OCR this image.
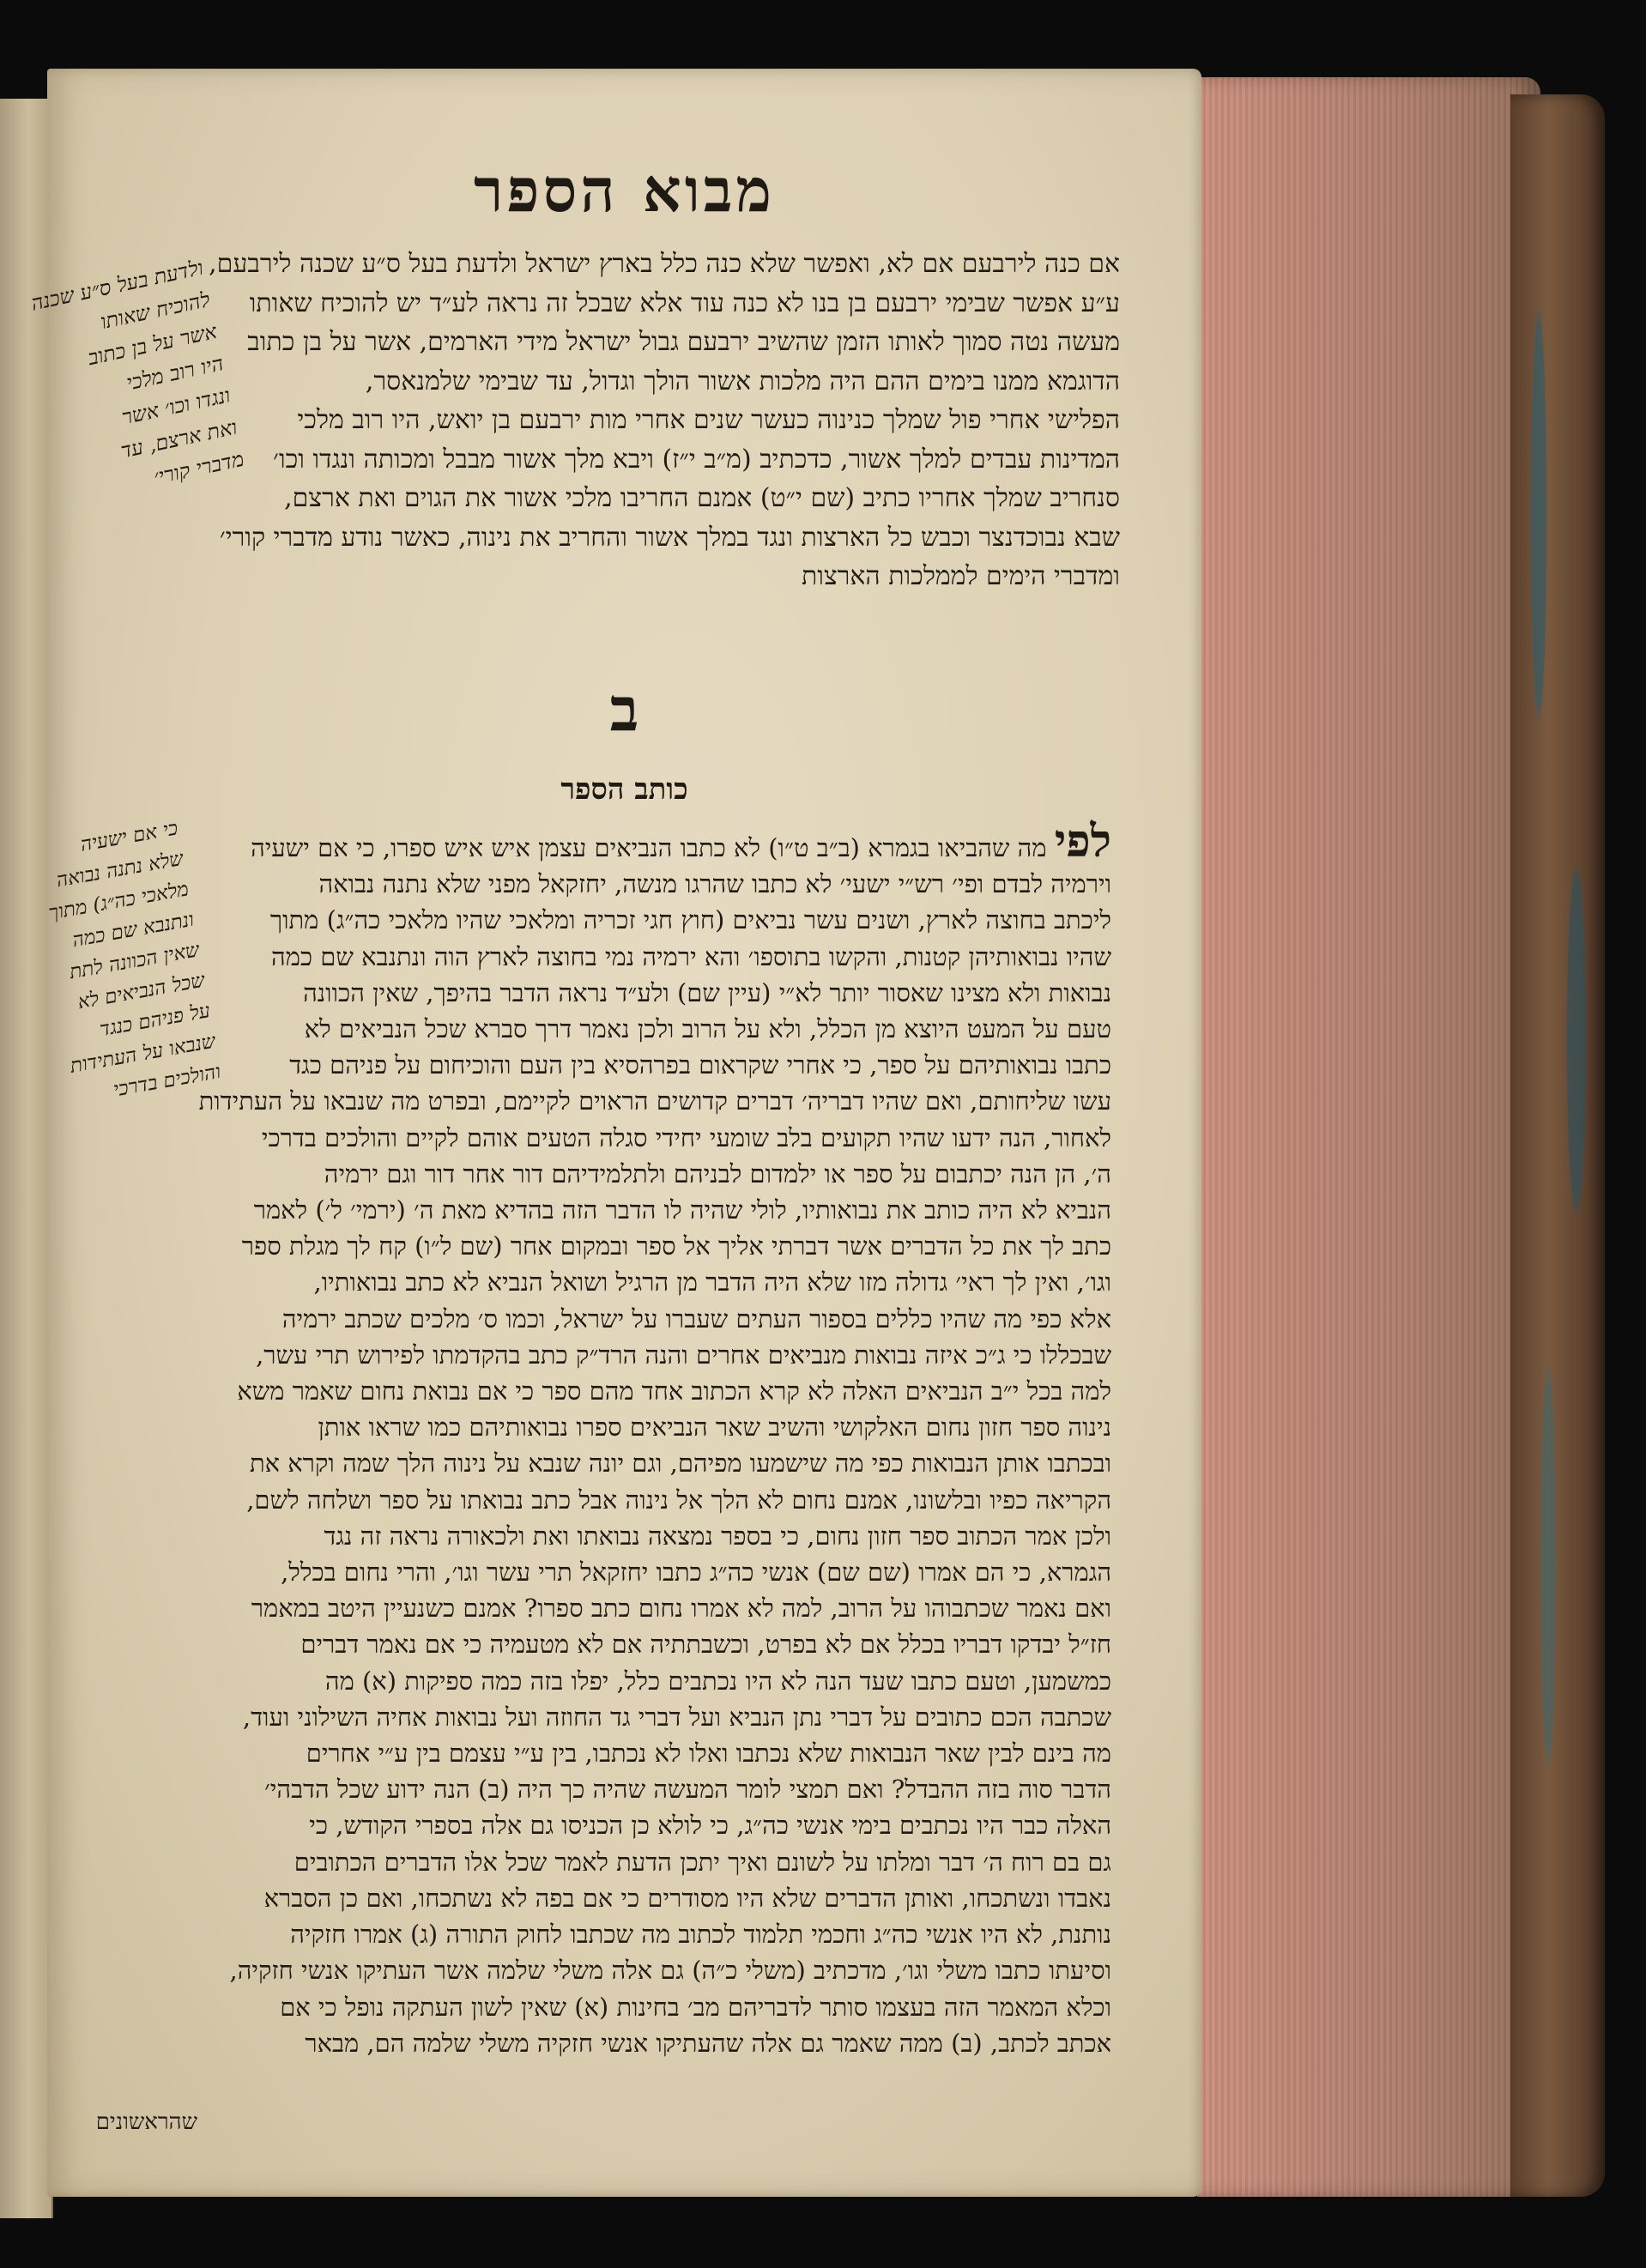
מבוא הספר

אם כנה לירבעם אם לא, ואפשר שלא כנה כלל בארץ ישראל ולדעת בעל ס״ע שכנה לירבעם,
ע״ע אפשר שבימי ירבעם בן בנו לא כנה עוד אלא שבכל זה נראה לע״ד יש להוכיח שאותו
מעשה נטה סמוך לאותו הזמן שהשיב ירבעם גבול ישראל מידי הארמים, אשר על בן כתוב
הדוגמא ממנו בימים ההם היה מלכות אשור הולך וגדול, עד שבימי שלמנאסר,
הפלישי אחרי פול שמלך כנינוה כעשר שנים אחרי מות ירבעם בן יואש, היו רוב מלכי
המדינות עבדים למלך אשור, כדכתיב (מ״ב י״ז) ויבא מלך אשור מבבל ומכותה ונגדו וכו׳
סנחריב שמלך אחריו כתיב (שם י״ט) אמנם החריבו מלכי אשור את הגוים ואת ארצם,
שבא נבוכדנצר וכבש כל הארצות ונגד במלך אשור והחריב את נינוה, כאשר נודע מדברי קורי׳
ומדברי הימים לממלכות הארצות

ב
כותב הספר

לפי מה שהביאו בגמרא (ב״ב ט״ו) לא כתבו הנביאים עצמן איש איש ספרו, כי אם ישעיה
וירמיה לבדם ופי׳ רש״י ישעי׳ לא כתבו שהרגו מנשה, יחזקאל מפני שלא נתנה נבואה
ליכתב בחוצה לארץ, ושנים עשר נביאים (חוץ חגי זכריה ומלאכי שהיו מלאכי כה״ג) מתוך
שהיו נבואותיהן קטנות, והקשו בתוספו׳ והא ירמיה נמי בחוצה לארץ הוה ונתנבא שם כמה
נבואות ולא מצינו שאסור יותר לא״י (עיין שם) ולע״ד נראה הדבר בהיפך, שאין הכוונה
טעם על המעט היוצא מן הכלל, ולא על הרוב ולכן נאמר דרך סברא שכל הנביאים לא
כתבו נבואותיהם על ספר, כי אחרי שקראום בפרהסיא בין העם והוכיחום על פניהם כגד
עשו שליחותם, ואם שהיו דבריה׳ דברים קדושים הראוים לקיימם, ובפרט מה שנבאו על העתידות
לאחור, הנה ידעו שהיו תקועים בלב שומעי יחידי סגלה הטעים אוהם לקיים והולכים בדרכי
ה׳, הן הנה יכתבום על ספר או ילמדום לבניהם ולתלמידיהם דור אחר דור וגם ירמיה
הנביא לא היה כותב את נבואותיו, לולי שהיה לו הדבר הזה בהדיא מאת ה׳ (ירמי׳ ל׳) לאמר
כתב לך את כל הדברים אשר דברתי אליך אל ספר ובמקום אחר (שם ל״ו) קח לך מגלת ספר
וגו׳, ואין לך ראי׳ גדולה מזו שלא היה הדבר מן הרגיל ושואל הנביא לא כתב נבואותיו,
אלא כפי מה שהיו כללים בספור העתים שעברו על ישראל, וכמו ס׳ מלכים שכתב ירמיה
שבכללו כי ג״כ איזה נבואות מנביאים אחרים והנה הרד״ק כתב בהקדמתו לפירוש תרי עשר,
למה בכל י״ב הנביאים האלה לא קרא הכתוב אחד מהם ספר כי אם נבואת נחום שאמר משא
נינוה ספר חזון נחום האלקושי והשיב שאר הנביאים ספרו נבואותיהם כמו שראו אותן
ובכתבו אותן הנבואות כפי מה שישמעו מפיהם, וגם יונה שנבא על נינוה הלך שמה וקרא את
הקריאה כפיו ובלשונו, אמנם נחום לא הלך אל נינוה אבל כתב נבואתו על ספר ושלחה לשם,
ולכן אמר הכתוב ספר חזון נחום, כי בספר נמצאה נבואתו ואת ולכאורה נראה זה נגד
הגמרא, כי הם אמרו (שם שם) אנשי כה״ג כתבו יחזקאל תרי עשר וגו׳, והרי נחום בכלל,
ואם נאמר שכתבוהו על הרוב, למה לא אמרו נחום כתב ספרו? אמנם כשנעיין היטב במאמר
חז״ל יבדקו דבריו בכלל אם לא בפרט, וכשבתתיה אם לא מטעמיה כי אם נאמר דברים
כמשמען, וטעם כתבו שעד הנה לא היו נכתבים כלל, יפלו בזה כמה ספיקות (א) מה
שכתבה הכם כתובים על דברי נתן הנביא ועל דברי גד החוזה ועל נבואות אחיה השילוני ועוד,
מה בינם לבין שאר הנבואות שלא נכתבו ואלו לא נכתבו, בין ע״י עצמם בין ע״י אחרים
הדבר סוה בזה ההבדל? ואם תמצי לומר המעשה שהיה כך היה (ב) הנה ידוע שכל הדבהי׳
האלה כבר היו נכתבים בימי אנשי כה״ג, כי לולא כן הכניסו גם אלה בספרי הקודש, כי
גם בם רוח ה׳ דבר ומלתו על לשונם ואיך יתכן הדעת לאמר שכל אלו הדברים הכתובים
נאבדו ונשתכחו, ואותן הדברים שלא היו מסודרים כי אם בפה לא נשתכחו, ואם כן הסברא
נותנת, לא היו אנשי כה״ג וחכמי תלמוד לכתוב מה שכתבו לחוק התורה (ג) אמרו חזקיה
וסיעתו כתבו משלי וגו׳, מדכתיב (משלי כ״ה) גם אלה משלי שלמה אשר העתיקו אנשי חזקיה,
וכלא המאמר הזה בעצמו סותר לדבריהם מב׳ בחינות (א) שאין לשון העתקה נופל כי אם
אכתב לכתב, (ב) ממה שאמר גם אלה שהעתיקו אנשי חזקיה משלי שלמה הם, מבאר

שהראשונים

ולדעת בעל ס״ע שכנה
להוכיח שאותו
אשר על בן כתוב
היו רוב מלכי
ונגדו וכו׳ אשר
ואת ארצם, עד
מדברי קורי׳

כי אם ישעיה
שלא נתנה נבואה
מלאכי כה״ג) מתוך
ונתנבא שם כמה
שאין הכוונה לתת
שכל הנביאים לא
על פניהם כנגד
שנבאו על העתידות
והולכים בדרכי
